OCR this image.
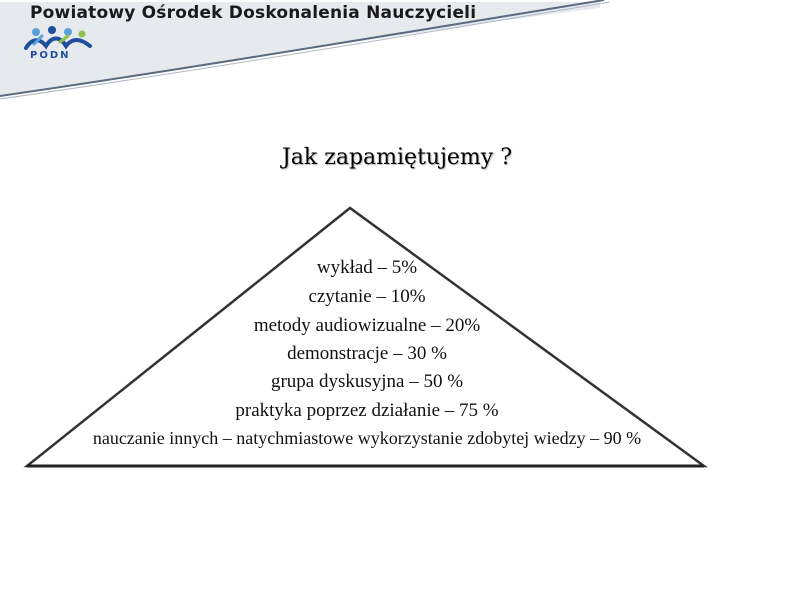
Powiatowy Ośrodek Doskonalenia Nauczycieli
PODN
Jak zapamiętujemy ?
wykład – 5%
czytanie – 10%
metody audiowizualne – 20%
demonstracje – 30 %
grupa dyskusyjna – 50 %
praktyka poprzez działanie – 75 %
nauczanie innych – natychmiastowe wykorzystanie zdobytej wiedzy – 90 %
